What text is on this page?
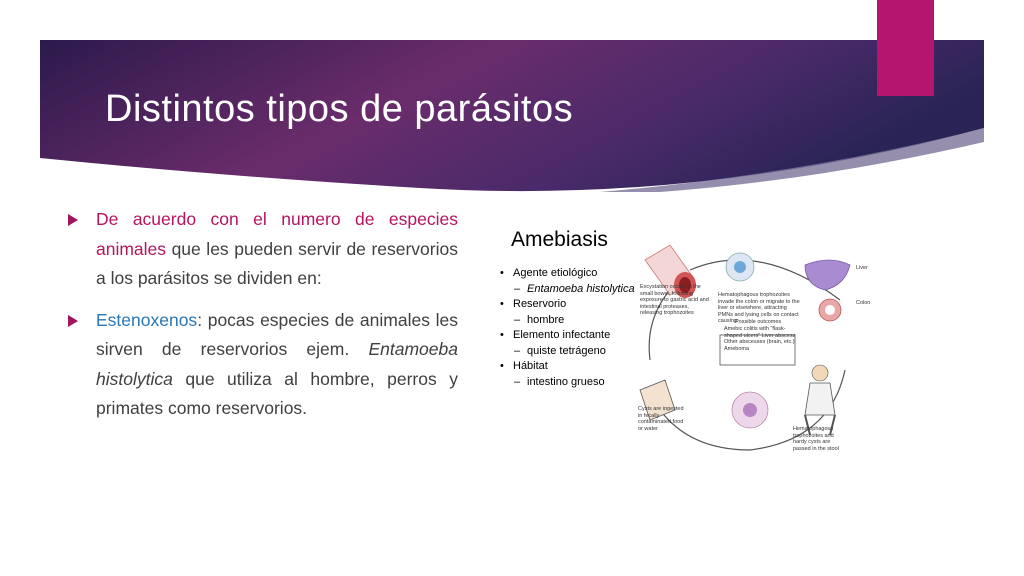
Distintos tipos de parásitos
De acuerdo con el numero de especies animales que les pueden servir de reservorios a los parásitos se dividen en:
Estenoxenos: pocas especies de animales les sirven de reservorios ejem. Entamoeba histolytica que utiliza al hombre, perros y primates como reservorios.
Amebiasis
• Agente etiológico
– Entamoeba histolytica
• Reservorio
– hombre
• Elemento infectante
– quiste tetrágeno
• Hábitat
– intestino grueso
Excystation occurs in the small bowel, following exposure to gastric acid and intestinal proteases, releasing trophozoites
Hematophagous trophozoites invade the colon or migrate to the liver or elsewhere, attracting PMNs and lysing cells on contact causing:
Possible outcomes
Amebic colitis with "flask-shaped ulcers" Liver abscess Other abscesses (brain, etc.) Ameboma
Liver
Colon
Cysts are ingested in fecally contaminated food or water	Hematophagous trophozoites and hardy cysts are passed in the stool
